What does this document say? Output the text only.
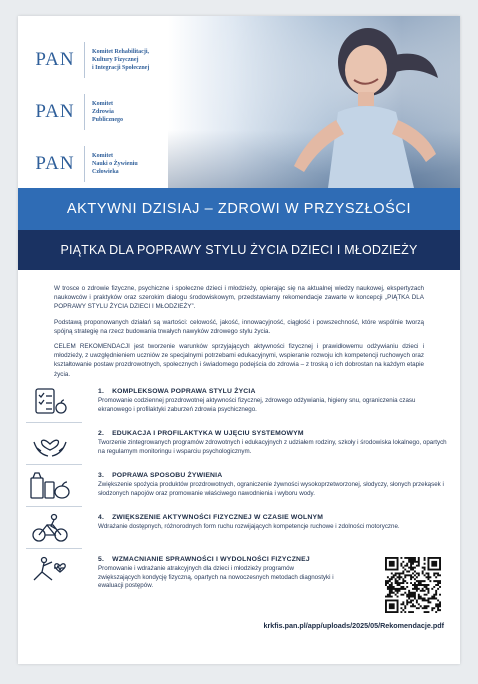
PAN	Komitet Rehabilitacji,
Kultury Fizycznej
i Integracji Społecznej
PAN	Komitet
Zdrowia
Publicznego
PAN	Komitet
Nauki o Żywieniu
Człowieka
AKTYWNI DZISIAJ – ZDROWI W PRZYSZŁOŚCI
PIĄTKA DLA POPRAWY STYLU ŻYCIA DZIECI I MŁODZIEŻY

W trosce o zdrowie fizyczne, psychiczne i społeczne dzieci i młodzieży, opierając się na aktualnej wiedzy naukowej, ekspertyzach naukowców i praktyków oraz szerokim dialogu środowiskowym, przedstawiamy rekomendacje zawarte w koncepcji „PIĄTKA DLA POPRAWY STYLU ŻYCIA DZIECI I MŁODZIEŻY”.

Podstawą proponowanych działań są wartości: celowość, jakość, innowacyjność, ciągłość i powszechność, które wspólnie tworzą spójną strategię na rzecz budowania trwałych nawyków zdrowego stylu życia.

CELEM REKOMENDACJI jest tworzenie warunków sprzyjających aktywności fizycznej i prawidłowemu odżywianiu dzieci i młodzieży, z uwzględnieniem uczniów ze specjalnymi potrzebami edukacyjnymi, wspieranie rozwoju ich kompetencji ruchowych oraz kształtowanie postaw prozdrowotnych, społecznych i świadomego podejścia do zdrowia – z troską o ich dobrostan na każdym etapie życia.

1. KOMPLEKSOWA POPRAWA STYLU ŻYCIA
Promowanie codziennej prozdrowotnej aktywności fizycznej, zdrowego odżywiania, higieny snu, ograniczenia czasu ekranowego i profilaktyki zaburzeń zdrowia psychicznego.
2. EDUKACJA I PROFILAKTYKA W UJĘCIU SYSTEMOWYM
Tworzenie zintegrowanych programów zdrowotnych i edukacyjnych z udziałem rodziny, szkoły i środowiska lokalnego, opartych na regularnym monitoringu i wsparciu psychologicznym.
3. POPRAWA SPOSOBU ŻYWIENIA
Zwiększenie spożycia produktów prozdrowotnych, ograniczenie żywności wysokoprzetworzonej, słodyczy, słonych przekąsek i słodzonych napojów oraz promowanie właściwego nawodnienia i wyboru wody.
4. ZWIĘKSZENIE AKTYWNOŚCI FIZYCZNEJ W CZASIE WOLNYM
Wdrażanie dostępnych, różnorodnych form ruchu rozwijających kompetencje ruchowe i zdolności motoryczne.
5. WZMACNIANIE SPRAWNOŚCI I WYDOLNOŚCI FIZYCZNEJ
Promowanie i wdrażanie atrakcyjnych dla dzieci i młodzieży programów zwiększających kondycję fizyczną, opartych na nowoczesnych metodach diagnostyki i ewaluacji postępów.
krkfis.pan.pl/app/uploads/2025/05/Rekomendacje.pdf
